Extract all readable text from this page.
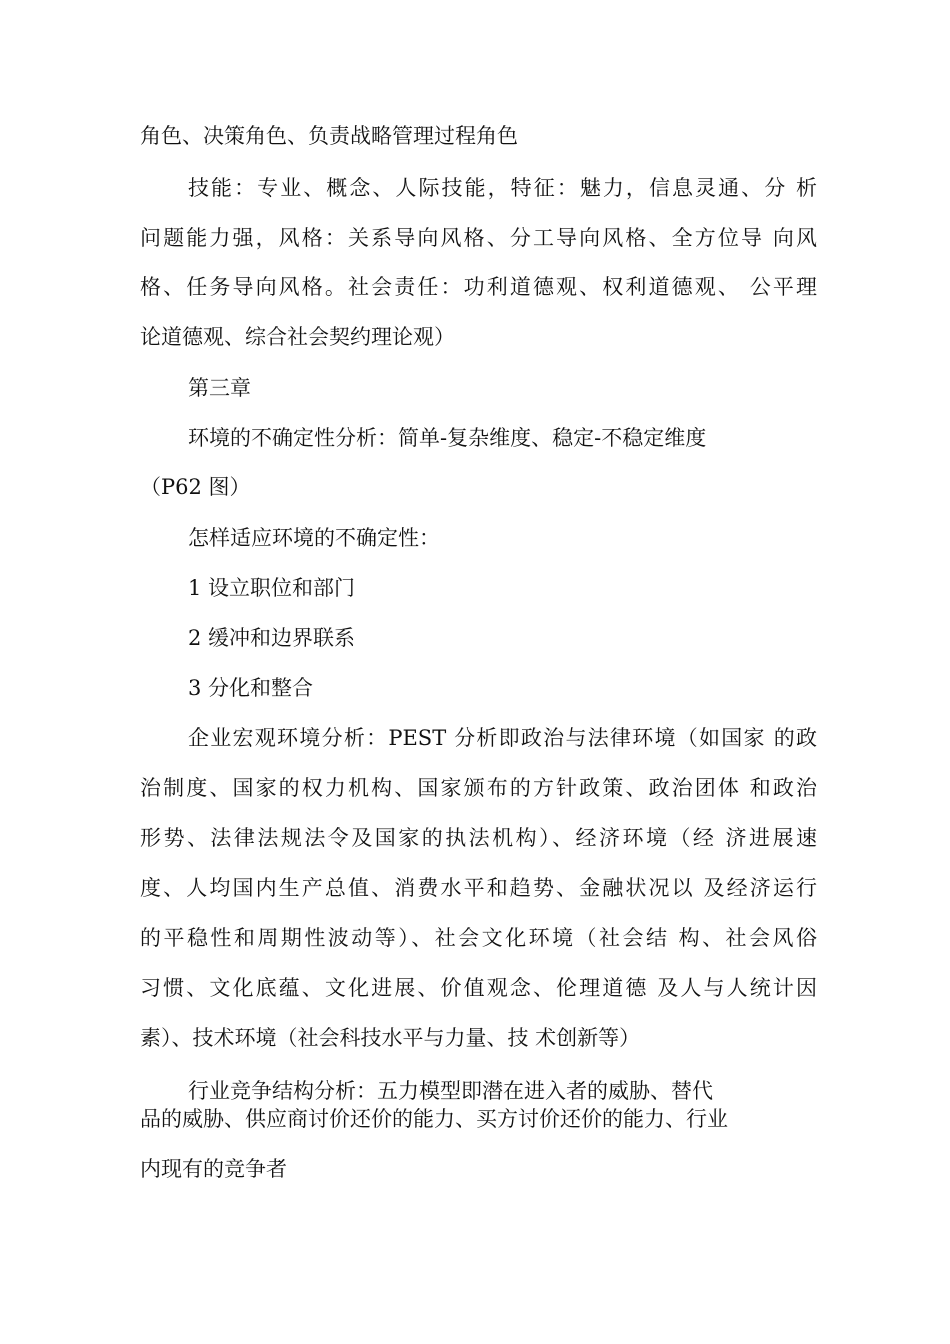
角色、决策角色、负责战略管理过程角色
技能：专业、概念、人际技能，特征：魅力，信息灵通、分 析
问题能力强，风格：关系导向风格、分工导向风格、全方位导 向风
格、任务导向风格。社会责任：功利道德观、权利道德观、 公平理
论道德观、综合社会契约理论观）
第三章
环境的不确定性分析：简单-复杂维度、稳定-不稳定维度
（P62 图）
怎样适应环境的不确定性：
1 设立职位和部门
2 缓冲和边界联系
3 分化和整合
企业宏观环境分析：PEST 分析即政治与法律环境（如国家 的政
治制度、国家的权力机构、国家颁布的方针政策、政治团体 和政治
形势、法律法规法令及国家的执法机构）、经济环境（经 济进展速
度、人均国内生产总值、消费水平和趋势、金融状况以 及经济运行
的平稳性和周期性波动等）、社会文化环境（社会结 构、社会风俗
习惯、文化底蕴、文化进展、价值观念、伦理道德 及人与人统计因
素）、技术环境（社会科技水平与力量、技 术创新等）
行业竞争结构分析：五力模型即潜在进入者的威胁、替代
品的威胁、供应商讨价还价的能力、买方讨价还价的能力、行业
内现有的竞争者
